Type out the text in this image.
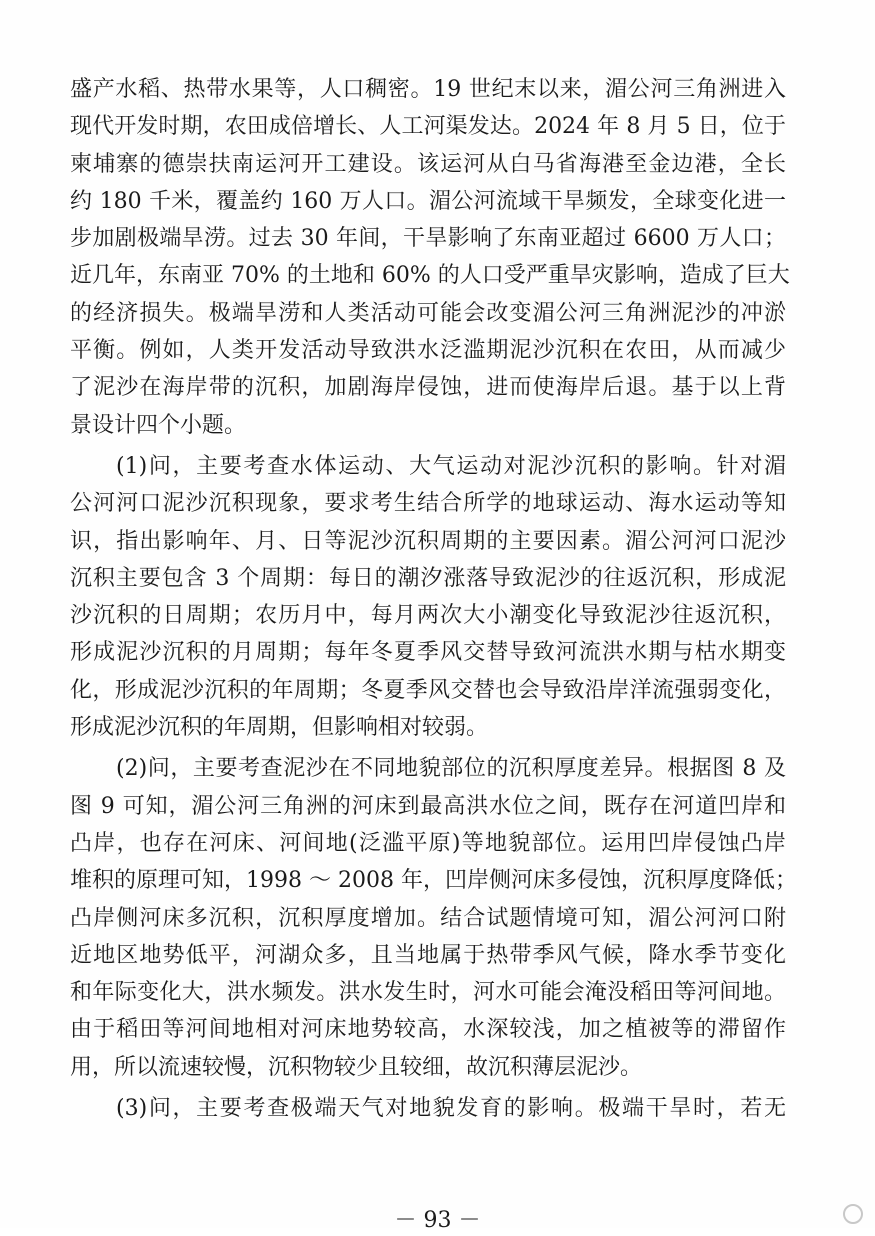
盛产水稻、热带水果等，人口稠密。19 世纪末以来，湄公河三角洲进入
现代开发时期，农田成倍增长、人工河渠发达。2024 年 8 月 5 日，位于
柬埔寨的德崇扶南运河开工建设。该运河从白马省海港至金边港，全长
约 180 千米，覆盖约 160 万人口。湄公河流域干旱频发，全球变化进一
步加剧极端旱涝。过去 30 年间，干旱影响了东南亚超过 6600 万人口；
近几年，东南亚 70% 的土地和 60% 的人口受严重旱灾影响，造成了巨大
的经济损失。极端旱涝和人类活动可能会改变湄公河三角洲泥沙的冲淤
平衡。例如，人类开发活动导致洪水泛滥期泥沙沉积在农田，从而减少
了泥沙在海岸带的沉积，加剧海岸侵蚀，进而使海岸后退。基于以上背
景设计四个小题。
(1)问，主要考查水体运动、大气运动对泥沙沉积的影响。针对湄
公河河口泥沙沉积现象，要求考生结合所学的地球运动、海水运动等知
识，指出影响年、月、日等泥沙沉积周期的主要因素。湄公河河口泥沙
沉积主要包含 3 个周期：每日的潮汐涨落导致泥沙的往返沉积，形成泥
沙沉积的日周期；农历月中，每月两次大小潮变化导致泥沙往返沉积，
形成泥沙沉积的月周期；每年冬夏季风交替导致河流洪水期与枯水期变
化，形成泥沙沉积的年周期；冬夏季风交替也会导致沿岸洋流强弱变化，
形成泥沙沉积的年周期，但影响相对较弱。
(2)问，主要考查泥沙在不同地貌部位的沉积厚度差异。根据图 8 及
图 9 可知，湄公河三角洲的河床到最高洪水位之间，既存在河道凹岸和
凸岸，也存在河床、河间地(泛滥平原)等地貌部位。运用凹岸侵蚀凸岸
堆积的原理可知，1998 ～ 2008 年，凹岸侧河床多侵蚀，沉积厚度降低；
凸岸侧河床多沉积，沉积厚度增加。结合试题情境可知，湄公河河口附
近地区地势低平，河湖众多，且当地属于热带季风气候，降水季节变化
和年际变化大，洪水频发。洪水发生时，河水可能会淹没稻田等河间地。
由于稻田等河间地相对河床地势较高，水深较浅，加之植被等的滞留作
用，所以流速较慢，沉积物较少且较细，故沉积薄层泥沙。
(3)问，主要考查极端天气对地貌发育的影响。极端干旱时，若无
－ 93 －
